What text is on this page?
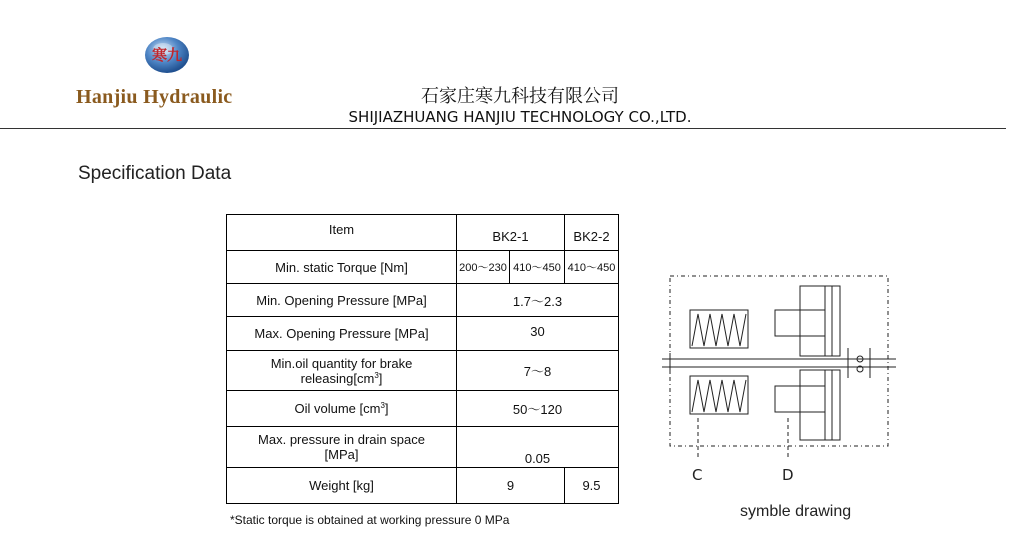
寒九
Hanjiu Hydraulic	石家庄寒九科技有限公司
SHIJIAZHUANG HANJIU TECHNOLOGY CO.,LTD.
Specification Data
Item	BK2-1		BK2-2
Min. static Torque [Nm]	200～230	410～450	410～450
Min. Opening Pressure [MPa]	1.7～2.3		
Max. Opening Pressure [MPa]	30		
Min.oil quantity for brake
$releasing[cm^3]$	7～8		
Oil volume $[cm^3]$	50～120		
Max. pressure in drain space
[MPa]	0.05		
Weight [kg]	9		9.5
*Static torque is obtained at working pressure 0 MPa
C	D
symble drawing
